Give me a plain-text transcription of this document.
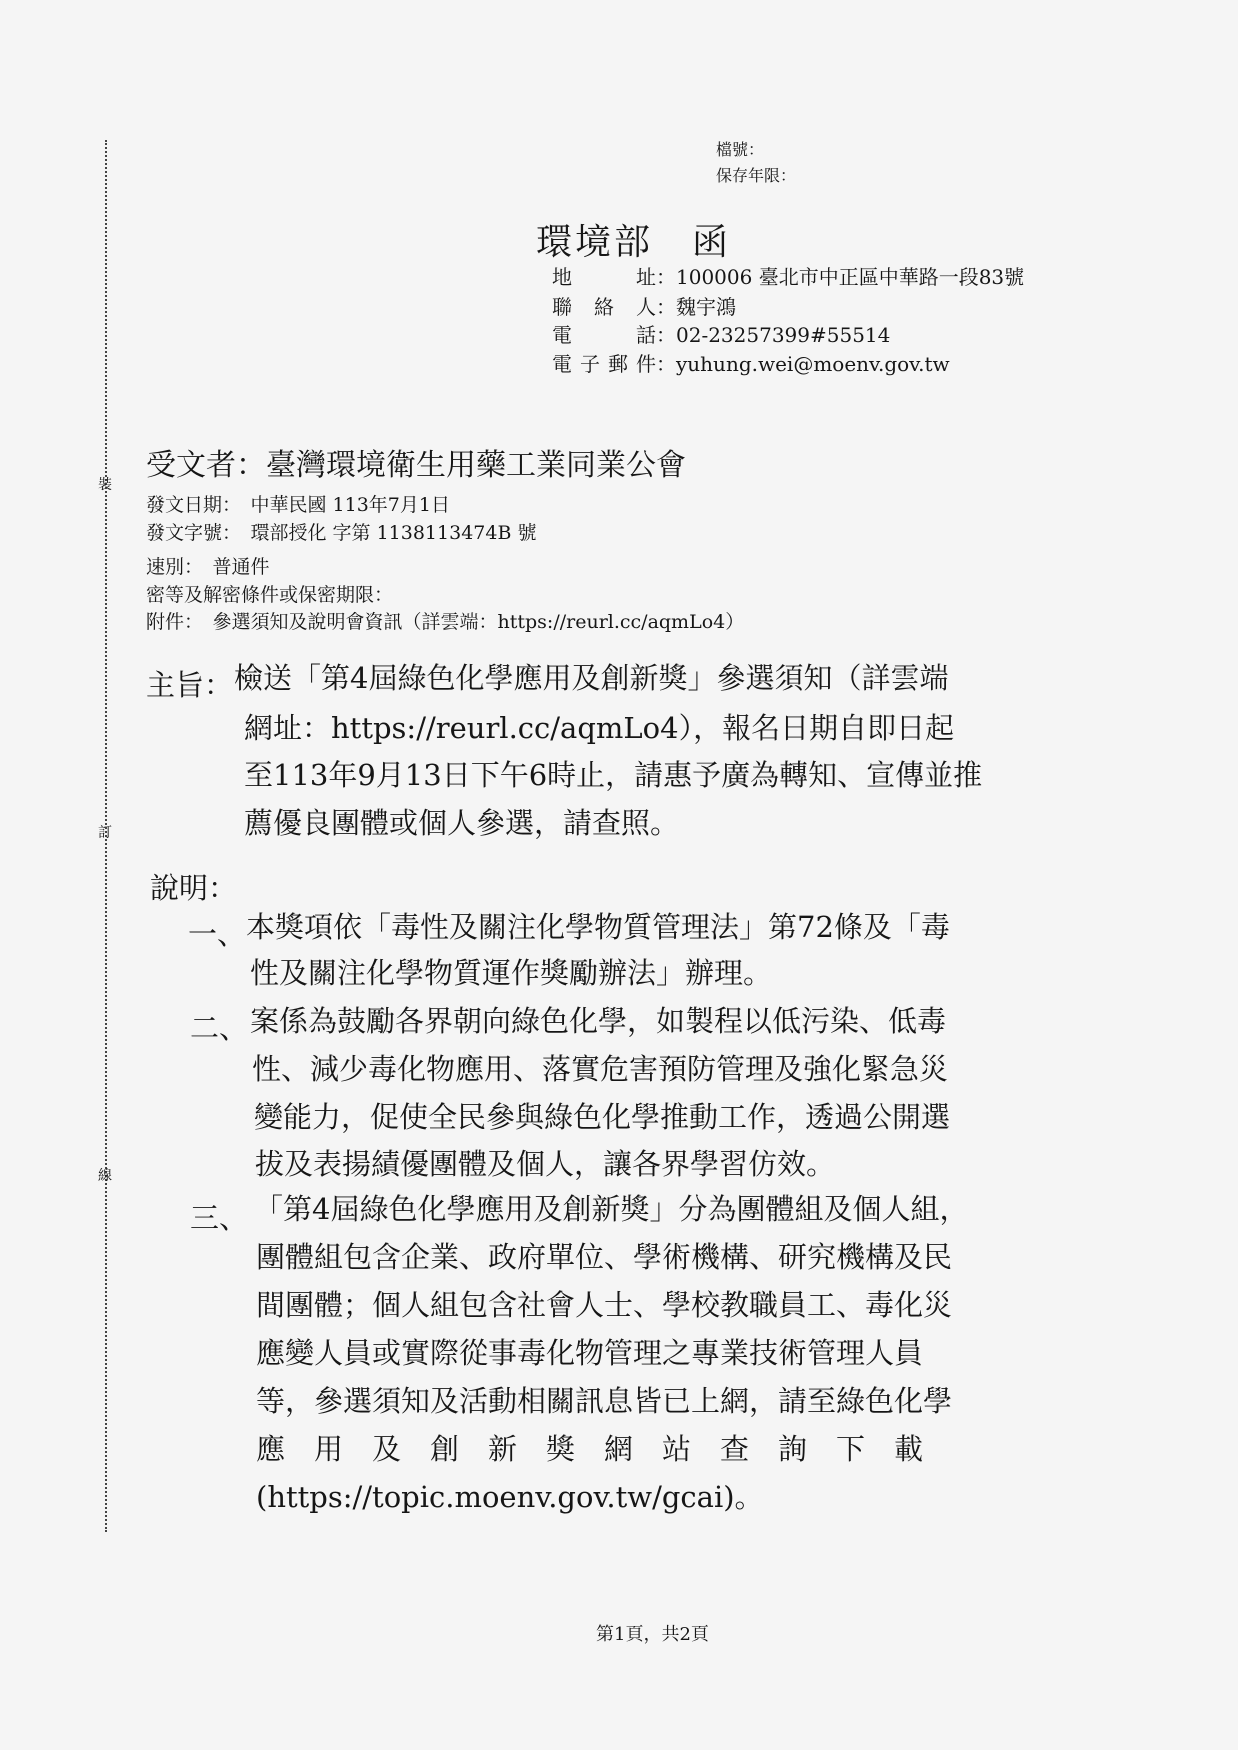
裝
訂
線
檔號：
保存年限：
環境部　函
地址：100006 臺北市中正區中華路一段83號
聯絡人：魏宇鴻
電話：02-23257399#55514
電子郵件：yuhung.wei@moenv.gov.tw
受文者：臺灣環境衛生用藥工業同業公會
發文日期：　中華民國 113年7月1日
發文字號：　環部授化 字第 1138113474B 號
速別：　普通件
密等及解密條件或保密期限：
附件：　參選須知及說明會資訊（詳雲端：https://reurl.cc/aqmLo4）
主旨： 檢送「第4屆綠色化學應用及創新獎」參選須知（詳雲端
網址：https://reurl.cc/aqmLo4），報名日期自即日起
至113年9月13日下午6時止，請惠予廣為轉知、宣傳並推
薦優良團體或個人參選，請查照。
說明：
一、 本獎項依「毒性及關注化學物質管理法」第72條及「毒
性及關注化學物質運作獎勵辦法」辦理。
二、 案係為鼓勵各界朝向綠色化學，如製程以低污染、低毒
性、減少毒化物應用、落實危害預防管理及強化緊急災
變能力，促使全民參與綠色化學推動工作，透過公開選
拔及表揚績優團體及個人，讓各界學習仿效。
三、 「第4屆綠色化學應用及創新獎」分為團體組及個人組，
團體組包含企業、政府單位、學術機構、研究機構及民
間團體；個人組包含社會人士、學校教職員工、毒化災
應變人員或實際從事毒化物管理之專業技術管理人員
等，參選須知及活動相關訊息皆已上網，請至綠色化學
應　用　及　創　新　獎　網　站　查　詢　下　載
(https://topic.moenv.gov.tw/gcai)。
第1頁，共2頁
